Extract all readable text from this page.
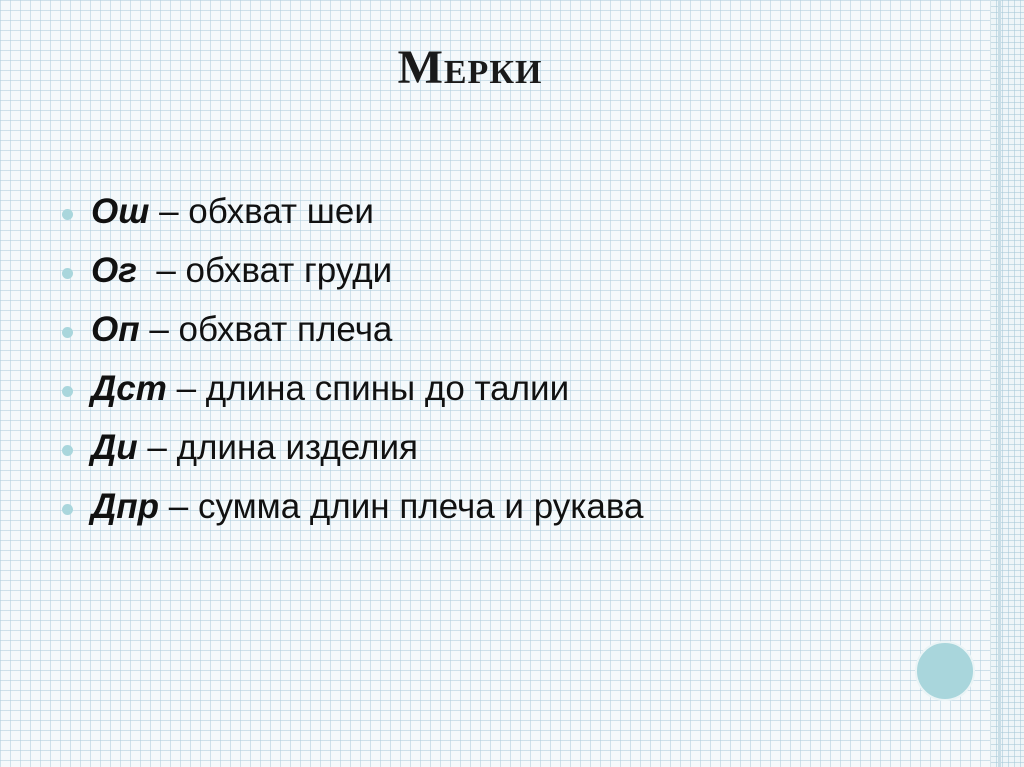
Мерки
Ош – обхват шеи
Ог – обхват груди
Оп – обхват плеча
Дст – длина спины до талии
Ди – длина изделия
Дпр – сумма длин плеча и рукава
